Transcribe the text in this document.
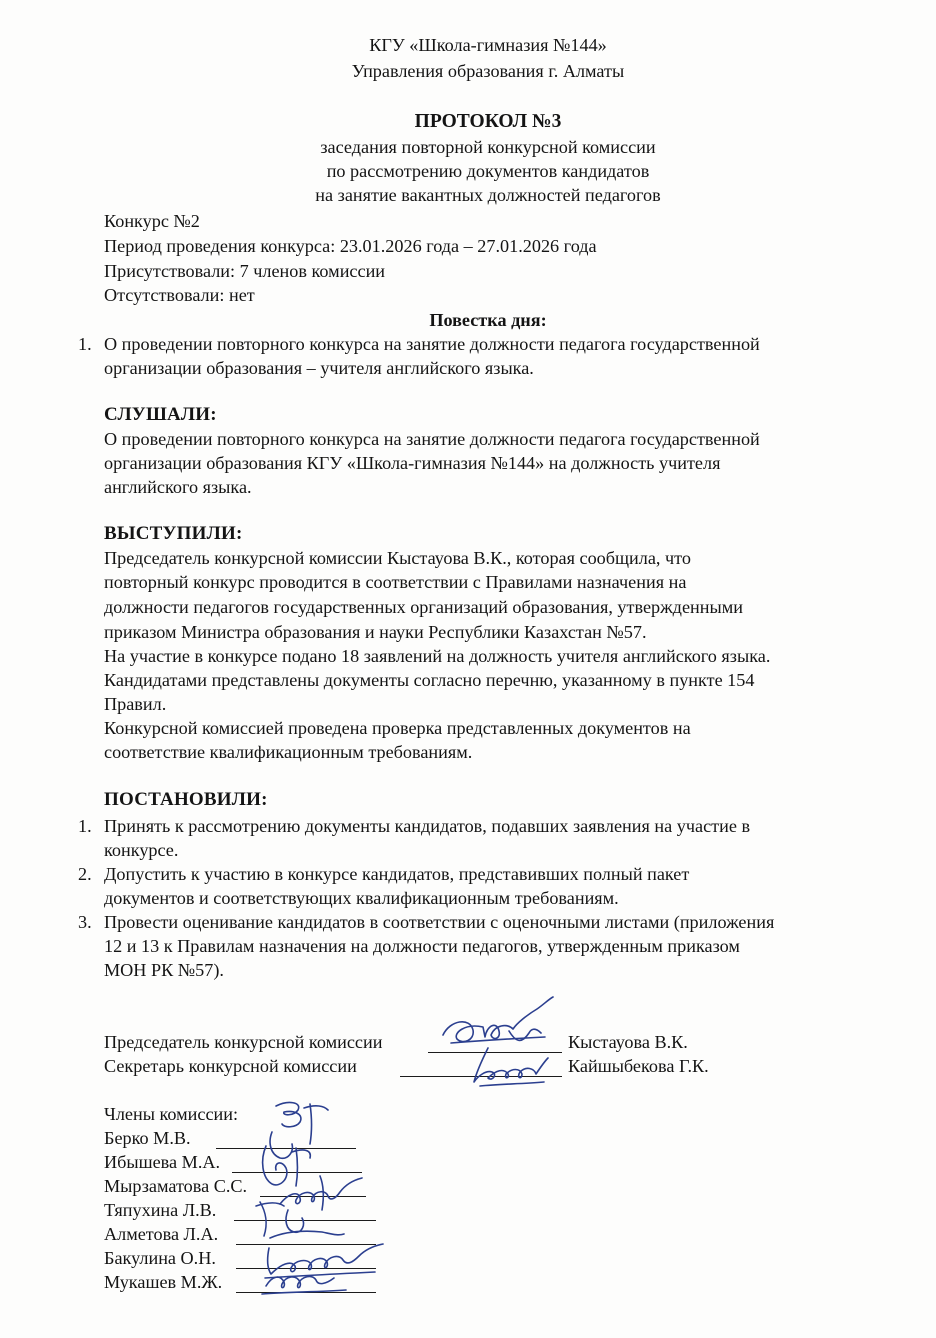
КГУ «Школа-гимназия №144»
Управления образования г. Алматы
ПРОТОКОЛ №3
заседания повторной конкурсной комиссии
по рассмотрению документов кандидатов
на занятие вакантных должностей педагогов
Конкурс №2
Период проведения конкурса: 23.01.2026 года – 27.01.2026 года
Присутствовали: 7 членов комиссии
Отсутствовали: нет
Повестка дня:
1. О проведении повторного конкурса на занятие должности педагога государственной
организации образования – учителя английского языка.
СЛУШАЛИ:
О проведении повторного конкурса на занятие должности педагога государственной
организации образования КГУ «Школа-гимназия №144» на должность учителя
английского языка.
ВЫСТУПИЛИ:
Председатель конкурсной комиссии Кыстауова В.К., которая сообщила, что
повторный конкурс проводится в соответствии с Правилами назначения на
должности педагогов государственных организаций образования, утвержденными
приказом Министра образования и науки Республики Казахстан №57.
На участие в конкурсе подано 18 заявлений на должность учителя английского языка.
Кандидатами представлены документы согласно перечню, указанному в пункте 154
Правил.
Конкурсной комиссией проведена проверка представленных документов на
соответствие квалификационным требованиям.
ПОСТАНОВИЛИ:
1. Принять к рассмотрению документы кандидатов, подавших заявления на участие в
конкурсе.
2. Допустить к участию в конкурсе кандидатов, представивших полный пакет
документов и соответствующих квалификационным требованиям.
3. Провести оценивание кандидатов в соответствии с оценочными листами (приложения
12 и 13 к Правилам назначения на должности педагогов, утвержденным приказом
МОН РК №57).
Председатель конкурсной комиссии	Кыстауова В.К.
Секретарь конкурсной комиссии	Кайшыбекова Г.К.
Члены комиссии:
Берко М.В.
Ибышева М.А.
Мырзаматова С.С.
Тяпухина Л.В.
Алметова Л.А.
Бакулина О.Н.
Мукашев М.Ж.
